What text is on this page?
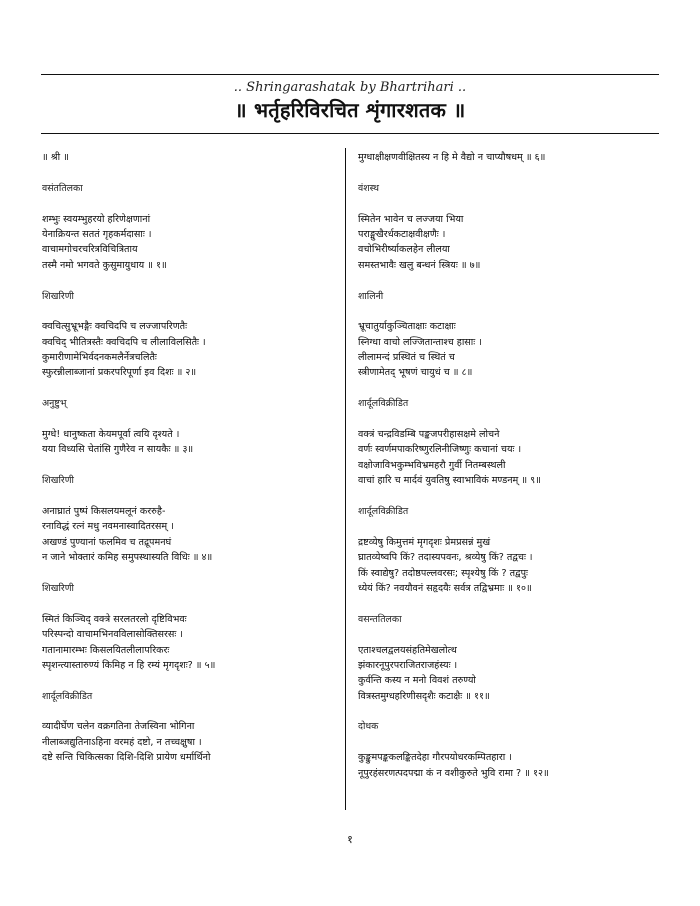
.. Shringarashatak by Bhartrihari ..
॥ भर्तृहरिविरचित शृंगारशतक ॥
॥ श्री ॥
वसंततिलका
शम्भुः स्वयम्भुहरयो हरिणेक्षणानां
येनाक्रियन्त सततं गृहकर्मदासाः ।
वाचामगोचरचरित्रविचित्रिताय
तस्मै नमो भगवते कुसुमायुधाय ॥ १॥
शिखरिणी
क्वचित्सुभ्रूभङ्गैः क्वचिदपि च लज्जापरिणतैः
क्वचिद् भीतित्रस्तैः क्वचिदपि च लीलाविलसितैः ।
कुमारीणामेभिर्वदनकमलैर्नेत्रचलितैः
स्फुरन्नीलाब्जानां प्रकरपरिपूर्णा इव दिशः ॥ २॥
अनुष्टुभ्
मुग्धे! धानुष्कता केयमपूर्वा त्वयि दृश्यते ।
यया विध्यसि चेतांसि गुणैरेव न सायकैः ॥ ३॥
शिखरिणी
अनाघ्रातं पुष्पं किसलयमलूनं कररुहै-
रनाविद्धं रत्नं मधु नवमनास्वादितरसम् ।
अखण्डं पुण्यानां फलमिव च तद्रूपमनघं
न जाने भोक्तारं कमिह समुपस्थास्यति विधिः ॥ ४॥
शिखरिणी
स्मितं किञ्चिद् वक्त्रे सरलतरलो दृष्टिविभवः
परिस्पन्दो वाचामभिनवविलासोक्तिसरसः ।
गतानामारम्भः किसलयितलीलापरिकरः
स्पृशन्त्यास्तारुण्यं किमिह न हि रम्यं मृगदृशः? ॥ ५॥
शार्दूलविक्रीडित
व्यादीर्घेण चलेन वक्रगतिना तेजस्विना भोगिना
नीलाब्जद्युतिनाऽहिना वरमहं दष्टो, न तच्चक्षुषा ।
दष्टे सन्ति चिकित्सका दिशि-दिशि प्रायेण धर्मार्थिनो
मुग्धाक्षीक्षणवीक्षितस्य न हि मे वैद्यो न चाप्यौषधम् ॥ ६॥
वंशस्थ
स्मितेन भावेन च लज्जया भिया
पराङ्मुखैरर्धकटाक्षवीक्षणैः ।
वचोभिरीर्ष्याकलहेन लीलया
समस्तभावैः खलु बन्धनं स्त्रियः ॥ ७॥
शालिनी
भ्रूचातुर्याकुञ्चिताक्षाः कटाक्षाः
स्निग्धा वाचो लज्जितान्ताश्च हासाः ।
लीलामन्दं प्रस्थितं च स्थितं च
स्त्रीणामेतद् भूषणं चायुधं च ॥ ८॥
शार्दूलविक्रीडित
वक्त्रं चन्द्रविडम्बि पङ्कजपरीहासक्षमे लोचने
वर्णः स्वर्णमपाकरिष्णुरलिनीजिष्णुः कचानां चयः ।
वक्षोजाविभकुम्भविभ्रमहरौ गुर्वी नितम्बस्थली
वाचां हारि च मार्दवं युवतिषु स्वाभाविकं मण्डनम् ॥ ९॥
शार्दूलविक्रीडित
द्रष्टव्येषु किमुत्तमं मृगदृशः प्रेमप्रसन्नं मुखं
घ्रातव्येष्वपि किं? तदास्यपवनः, श्रव्येषु किं? तद्वचः ।
किं स्वाद्येषु? तदोष्ठपल्लवरसः; स्पृश्येषु किं ? तद्वपुः
ध्येयं किं? नवयौवनं सहृदयैः सर्वत्र तद्विभ्रमाः ॥ १०॥
वसन्ततिलका
एताश्चलद्वलयसंहतिमेखलोत्थ
झंकारनूपुरपराजितराजहंस्यः ।
कुर्वन्ति कस्य न मनो विवशं तरुण्यो
वित्रस्तमुग्धहरिणीसदृशैः कटाक्षैः ॥ ११॥
दोधक
कुङ्कुमपङ्ककलङ्कितदेहा गौरपयोधरकम्पितहारा ।
नूपुरहंसरणत्पदपद्मा कं न वशीकुरुते भुवि रामा ? ॥ १२॥
१
